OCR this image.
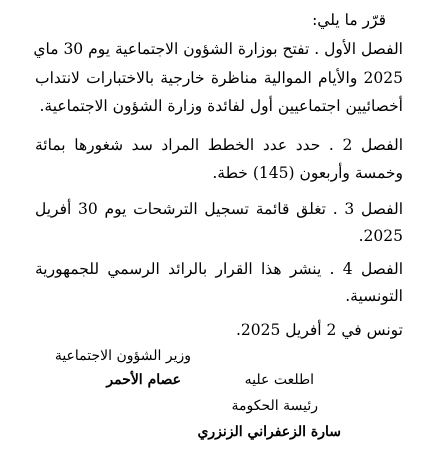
قرّر ما يلي:
الفصل الأول . تفتح بوزارة الشؤون الاجتماعية يوم 30 ماي
2025 والأيام الموالية مناظرة خارجية بالاختبارات لانتداب
أخصائيين اجتماعيين أول لفائدة وزارة الشؤون الاجتماعية.
الفصل 2 . حدد عدد الخطط المراد سد شغورها بمائة
وخمسة وأربعون (145) خطة.
الفصل 3 . تغلق قائمة تسجيل الترشحات يوم 30 أفريل
2025.
الفصل 4 . ينشر هذا القرار بالرائد الرسمي للجمهورية
التونسية.
تونس في 2 أفريل 2025.
وزير الشؤون الاجتماعية
عصام الأحمر	اطلعت عليه
رئيسة الحكومة
سارة الزعفراني الزنزري
